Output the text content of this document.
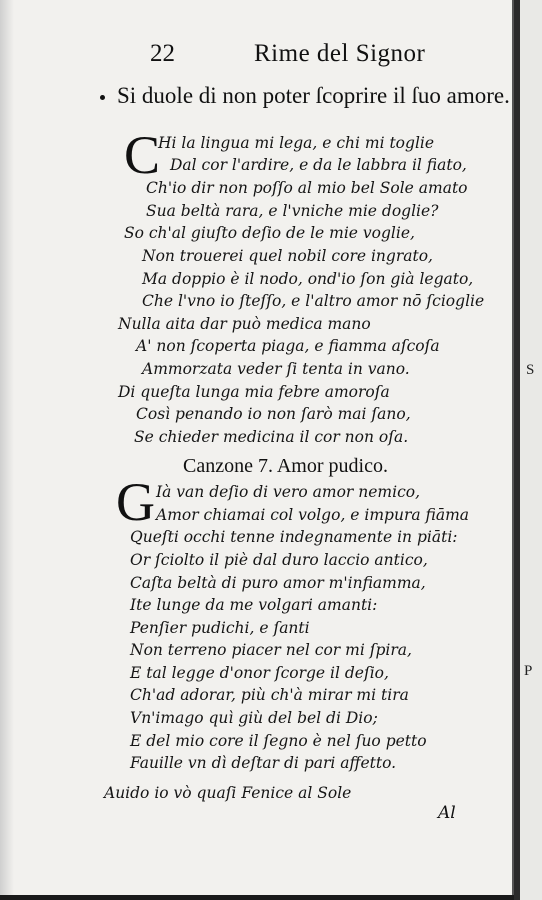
S
P
22	Rime del Signor
Si duole di non poter ſcoprire il ſuo amore.
C
Hi la lingua mi lega, e chi mi toglie
Dal cor l'ardire, e da le labbra il fiato,
Ch'io dir non poſſo al mio bel Sole amato
Sua beltà rara, e l'vniche mie doglie?
So ch'al giuſto deſio de le mie voglie,
Non trouerei quel nobil core ingrato,
Ma doppio è il nodo, ond'io ſon già legato,
Che l'vno io ſteſſo, e l'altro amor nō ſcioglie
Nulla aita dar può medica mano
A' non ſcoperta piaga, e fiamma aſcoſa
Ammorzata veder ſi tenta in vano.
Di queſta lunga mia febre amoroſa
Così penando io non ſarò mai ſano,
Se chieder medicina il cor non oſa.
Canzone 7. Amor pudico.
G Ià van deſio di vero amor nemico,
Amor chiamai col volgo, e impura fiāma
Queſti occhi tenne indegnamente in piāti:
Or ſciolto il piè dal duro laccio antico,
Caſta beltà di puro amor m'infiamma,
Ite lunge da me volgari amanti:
Penſier pudichi, e ſanti
Non terreno piacer nel cor mi ſpira,
E tal legge d'onor ſcorge il deſio,
Ch'ad adorar, più ch'à mirar mi tira
Vn'imago quì giù del bel di Dio;
E del mio core il ſegno è nel ſuo petto
Fauille vn dì deſtar di pari affetto.
Auido io vò quaſi Fenice al Sole
Al
